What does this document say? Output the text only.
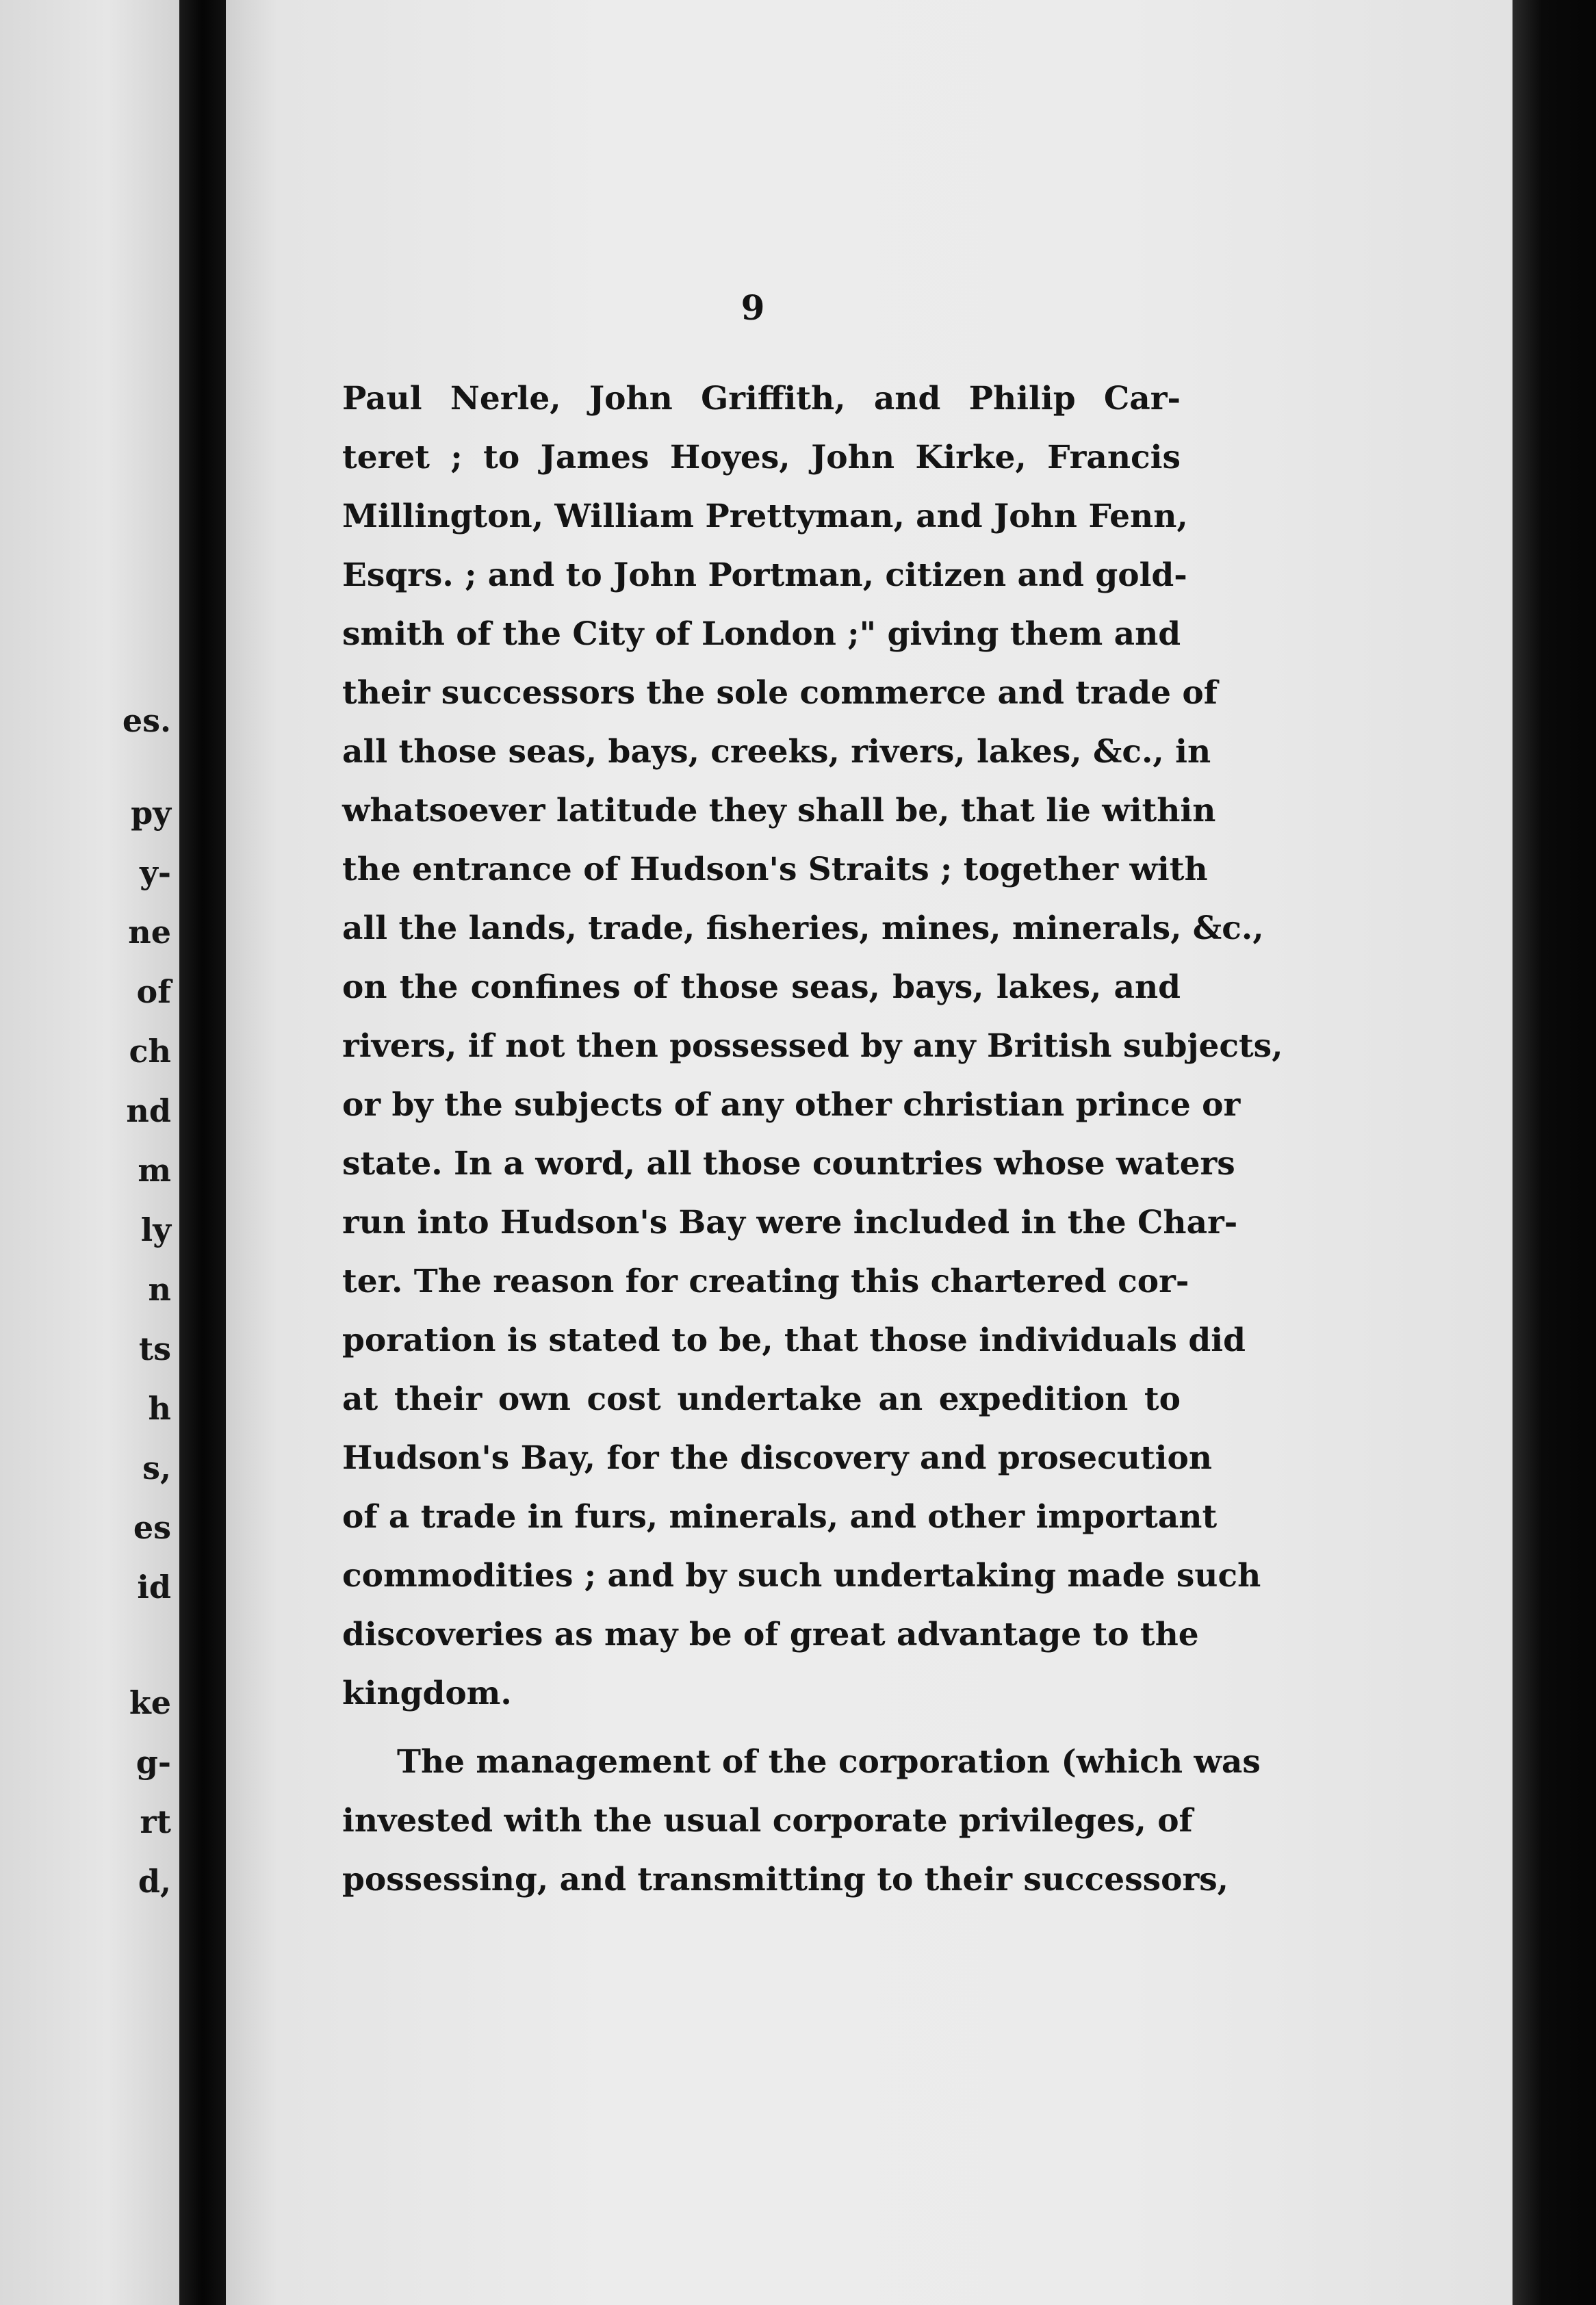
es.
py
y-
ne
of
ch
nd
m
ly
n
ts
h
s,
es
id
ke
g-
rt
d,
9
Paul Nerle, John Griffith, and Philip Car-
teret ; to James Hoyes, John Kirke, Francis
Millington, William Prettyman, and John Fenn,
Esqrs. ; and to John Portman, citizen and gold-
smith of the City of London ;" giving them and
their successors the sole commerce and trade of
all those seas, bays, creeks, rivers, lakes, &c., in
whatsoever latitude they shall be, that lie within
the entrance of Hudson's Straits ; together with
all the lands, trade, fisheries, mines, minerals, &c.,
on the confines of those seas, bays, lakes, and
rivers, if not then possessed by any British subjects,
or by the subjects of any other christian prince or
state. In a word, all those countries whose waters
run into Hudson's Bay were included in the Char-
ter. The reason for creating this chartered cor-
poration is stated to be, that those individuals did
at their own cost undertake an expedition to
Hudson's Bay, for the discovery and prosecution
of a trade in furs, minerals, and other important
commodities ; and by such undertaking made such
discoveries as may be of great advantage to the
kingdom.
The management of the corporation (which was
invested with the usual corporate privileges, of
possessing, and transmitting to their successors,
